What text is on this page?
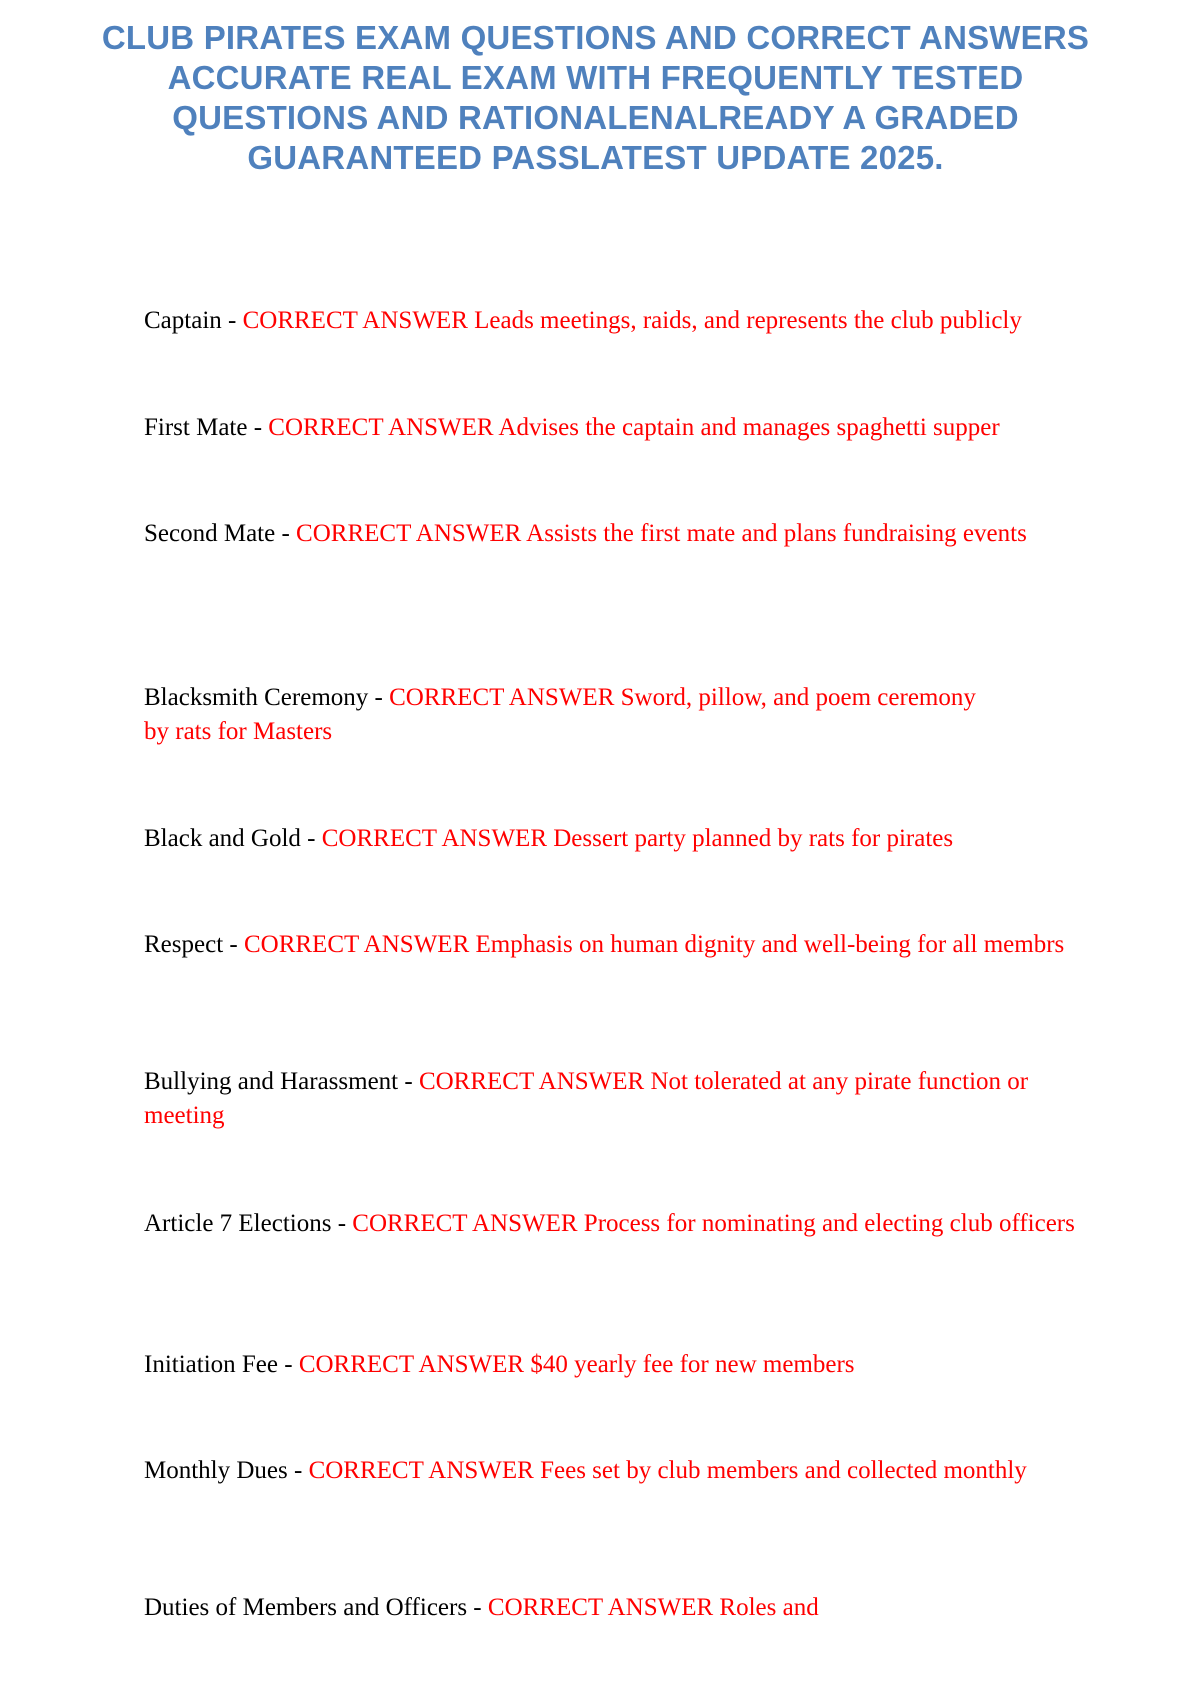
CLUB PIRATES EXAM QUESTIONS AND CORRECT ANSWERS
ACCURATE REAL EXAM WITH FREQUENTLY TESTED
QUESTIONS AND RATIONALENALREADY A GRADED
GUARANTEED PASSLATEST UPDATE 2025.

Captain - CORRECT ANSWER Leads meetings, raids, and represents the club publicly

First Mate - CORRECT ANSWER Advises the captain and manages spaghetti supper

Second Mate - CORRECT ANSWER Assists the first mate and plans fundraising events

Blacksmith Ceremony - CORRECT ANSWER Sword, pillow, and poem ceremony by rats for Masters

Black and Gold - CORRECT ANSWER Dessert party planned by rats for pirates

Respect - CORRECT ANSWER Emphasis on human dignity and well-being for all membrs

Bullying and Harassment - CORRECT ANSWER Not tolerated at any pirate function or meeting

Article 7 Elections - CORRECT ANSWER Process for nominating and electing club officers

Initiation Fee - CORRECT ANSWER $40 yearly fee for new members

Monthly Dues - CORRECT ANSWER Fees set by club members and collected monthly

Duties of Members and Officers - CORRECT ANSWER Roles and
